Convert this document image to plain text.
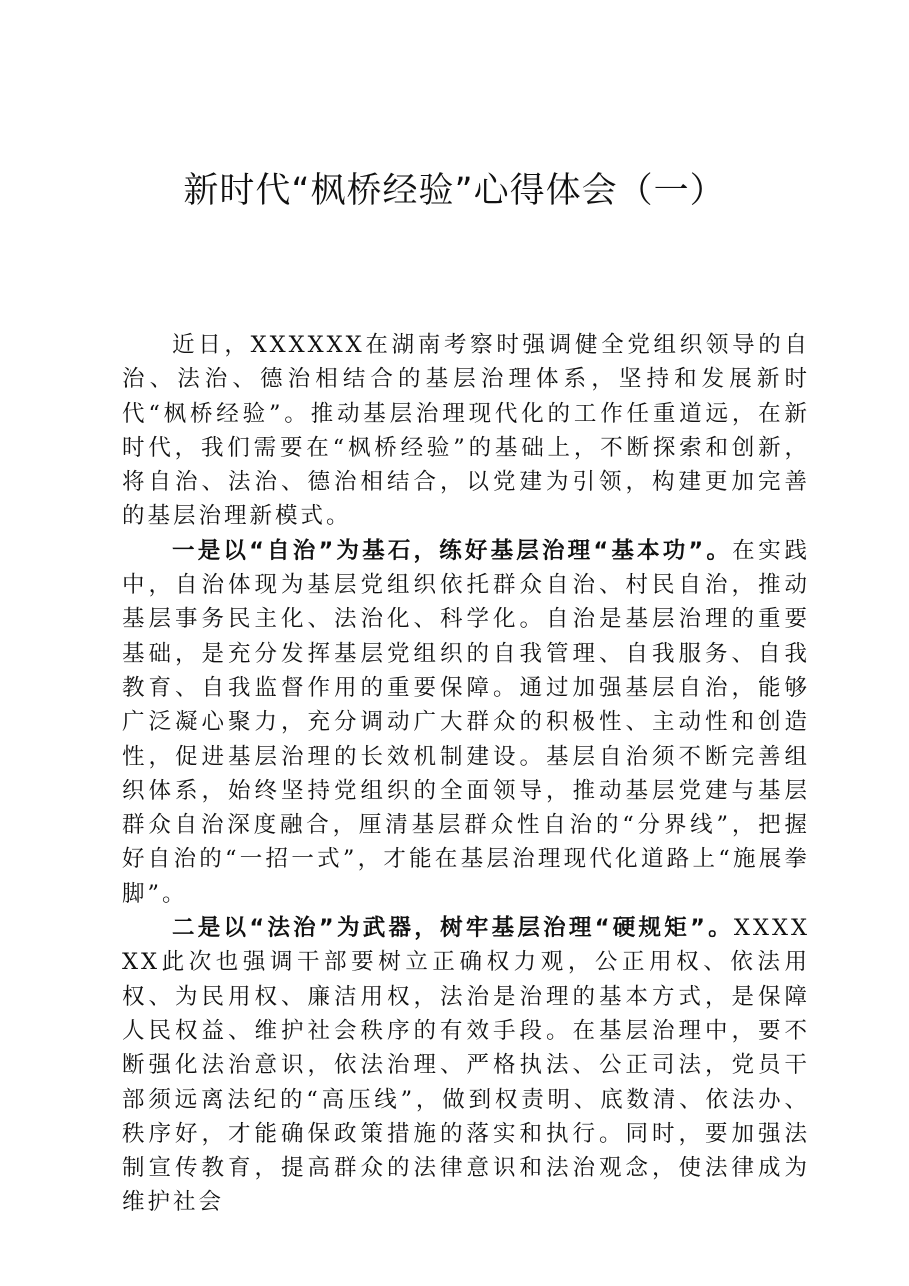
新时代“枫桥经验”心得体会（一）

近日，XXXXXX在湖南考察时强调健全党组织领导的自治、法治、德治相结合的基层治理体系，坚持和发展新时代“枫桥经验”。推动基层治理现代化的工作任重道远，在新时代，我们需要在“枫桥经验”的基础上，不断探索和创新，将自治、法治、德治相结合，以党建为引领，构建更加完善的基层治理新模式。

一是以“自治”为基石，练好基层治理“基本功”。在实践中，自治体现为基层党组织依托群众自治、村民自治，推动基层事务民主化、法治化、科学化。自治是基层治理的重要基础，是充分发挥基层党组织的自我管理、自我服务、自我教育、自我监督作用的重要保障。通过加强基层自治，能够广泛凝心聚力，充分调动广大群众的积极性、主动性和创造性，促进基层治理的长效机制建设。基层自治须不断完善组织体系，始终坚持党组织的全面领导，推动基层党建与基层群众自治深度融合，厘清基层群众性自治的“分界线”，把握好自治的“一招一式”，才能在基层治理现代化道路上“施展拳脚”。

二是以“法治”为武器，树牢基层治理“硬规矩”。XXXXXX此次也强调干部要树立正确权力观，公正用权、依法用权、为民用权、廉洁用权，法治是治理的基本方式，是保障人民权益、维护社会秩序的有效手段。在基层治理中，要不断强化法治意识，依法治理、严格执法、公正司法，党员干部须远离法纪的“高压线”，做到权责明、底数清、依法办、秩序好，才能确保政策措施的落实和执行。同时，要加强法制宣传教育，提高群众的法律意识和法治观念，使法律成为维护社会
